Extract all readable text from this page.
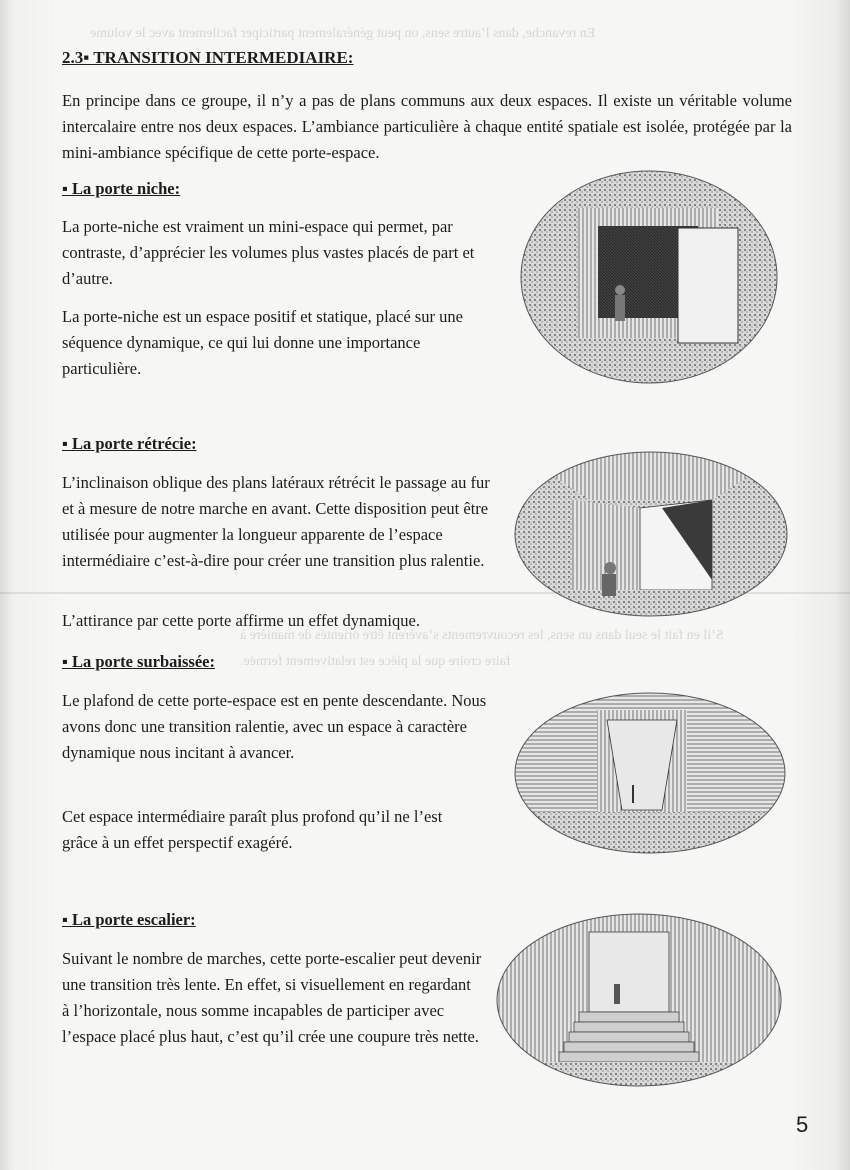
En revanche, dans l’autre sens, on peut généralement participer facilement avec le volume
S’il en fait le seul dans un sens, les recouvrements s’avèrent être orientés de manière à
faire croire que la pièce est relativement fermée.
2.3▪ TRANSITION INTERMEDIAIRE:
En principe dans ce groupe, il n’y a pas de plans communs aux deux espaces. Il existe un véritable volume intercalaire entre nos deux espaces. L’ambiance particulière à chaque entité spatiale est isolée, protégée par la mini-ambiance spécifique de cette porte-espace.
▪ La porte niche:
La porte-niche est vraiment un mini-espace qui permet, par contraste, d’apprécier les volumes plus vastes placés de part et d’autre.
La porte-niche est un espace positif et statique, placé sur une séquence dynamique, ce qui lui donne une importance particulière.
▪ La porte rétrécie:
L’inclinaison oblique des plans latéraux rétrécit le passage au fur et à mesure de notre marche en avant. Cette disposition peut être utilisée pour augmenter la longueur apparente de l’espace intermédiaire c’est-à-dire pour créer une transition plus ralentie.
L’attirance par cette porte affirme un effet dynamique.
▪ La porte surbaissée:
Le plafond de cette porte-espace est en pente descendante. Nous avons donc une transition ralentie, avec un espace à caractère dynamique nous incitant à avancer.
Cet espace intermédiaire paraît plus profond qu’il ne l’est grâce à un effet perspectif exagéré.
▪ La porte escalier:
Suivant le nombre de marches, cette porte-escalier peut devenir une transition très lente. En effet, si visuellement en regardant à l’horizontale, nous somme incapables de participer avec l’espace placé plus haut, c’est qu’il crée une coupure très nette.
5
